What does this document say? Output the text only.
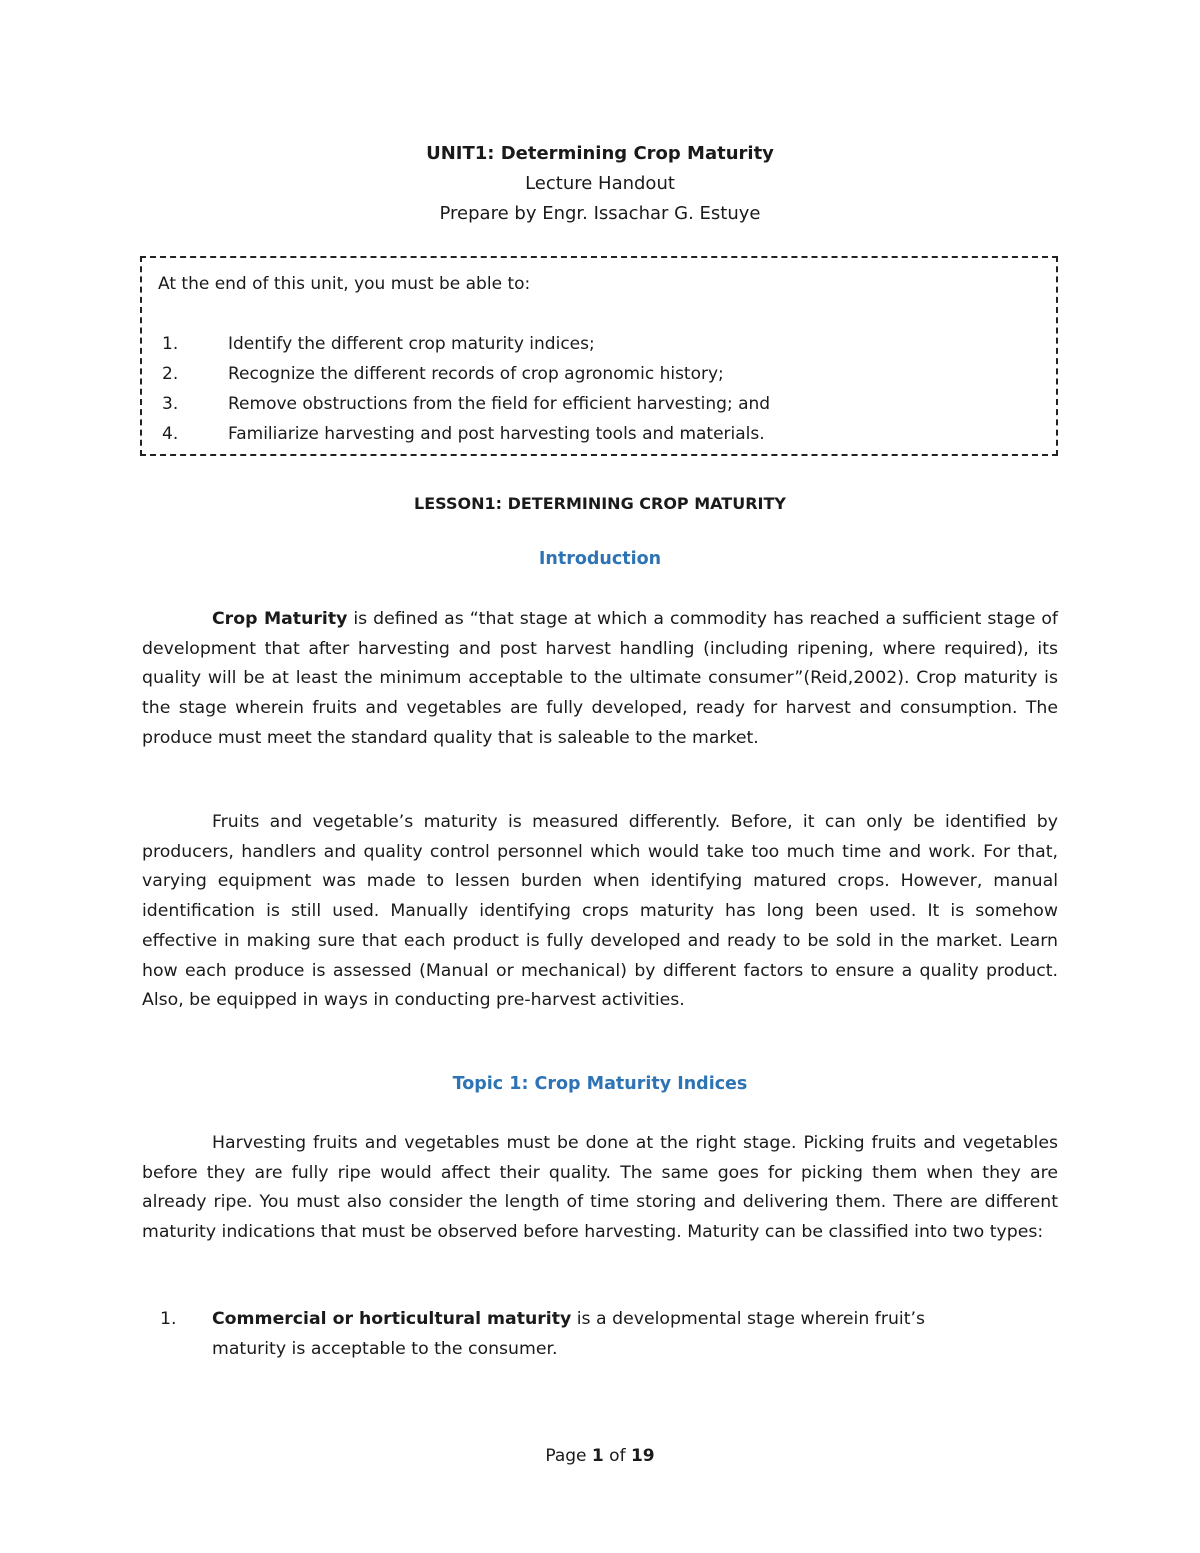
UNIT1: Determining Crop Maturity
Lecture Handout
Prepare by Engr. Issachar G. Estuye
At the end of this unit, you must be able to:
1.	Identify the different crop maturity indices;
2.	Recognize the different records of crop agronomic history;
3.	Remove obstructions from the field for efficient harvesting; and
4.	Familiarize harvesting and post harvesting tools and materials.
LESSON1: DETERMINING CROP MATURITY
Introduction

Crop Maturity is defined as “that stage at which a commodity has reached a sufficient stage of development that after harvesting and post harvest handling (including ripening, where required), its quality will be at least the minimum acceptable to the ultimate consumer”(Reid,2002). Crop maturity is the stage wherein fruits and vegetables are fully developed, ready for harvest and consumption. The produce must meet the standard quality that is saleable to the market.

Fruits and vegetable’s maturity is measured differently. Before, it can only be identified by producers, handlers and quality control personnel which would take too much time and work. For that, varying equipment was made to lessen burden when identifying matured crops. However, manual identification is still used. Manually identifying crops maturity has long been used. It is somehow effective in making sure that each product is fully developed and ready to be sold in the market. Learn how each produce is assessed (Manual or mechanical) by different factors to ensure a quality product. Also, be equipped in ways in conducting pre-harvest activities.

Topic 1: Crop Maturity Indices

Harvesting fruits and vegetables must be done at the right stage. Picking fruits and vegetables before they are fully ripe would affect their quality. The same goes for picking them when they are already ripe. You must also consider the length of time storing and delivering them. There are different maturity indications that must be observed before harvesting. Maturity can be classified into two types:

1. Commercial or horticultural maturity is a developmental stage wherein fruit’s maturity is acceptable to the consumer.
Page 1 of 19
